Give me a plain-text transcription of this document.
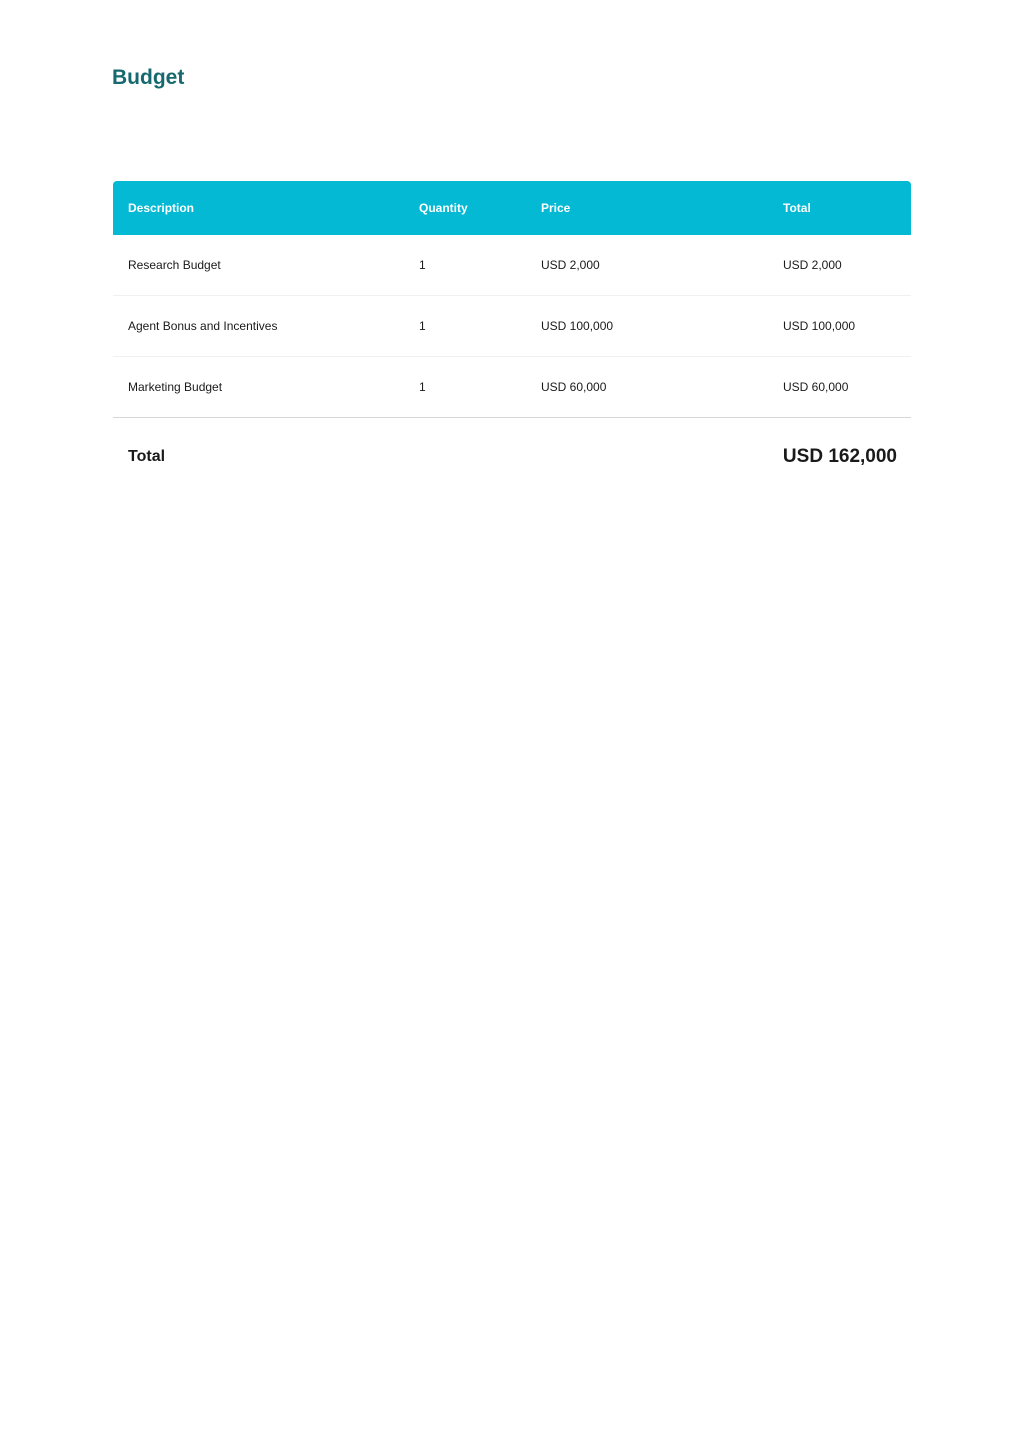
Budget
Description	Quantity	Price	Total
Research Budget	1	USD 2,000	USD 2,000
Agent Bonus and Incentives	1	USD 100,000	USD 100,000
Marketing Budget	1	USD 60,000	USD 60,000
Total		USD 162,000	
